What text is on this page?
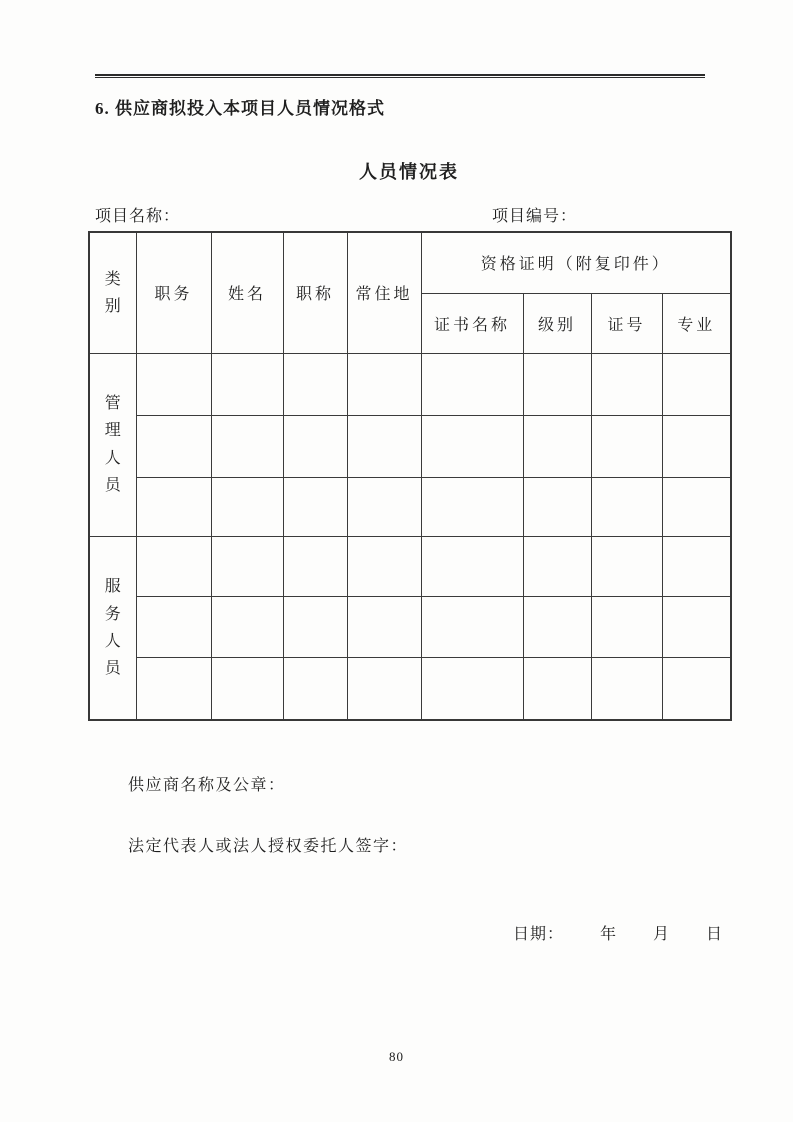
6. 供应商拟投入本项目人员情况格式
人员情况表
项目名称：	项目编号：
类别	职务	姓名	职称	常住地	资格证明（附复印件）			
					证书名称	级别	证号	专业

管理人员								

服务人员								

供应商名称及公章：
法定代表人或法人授权委托人签字：
日期： 年 月 日
80
